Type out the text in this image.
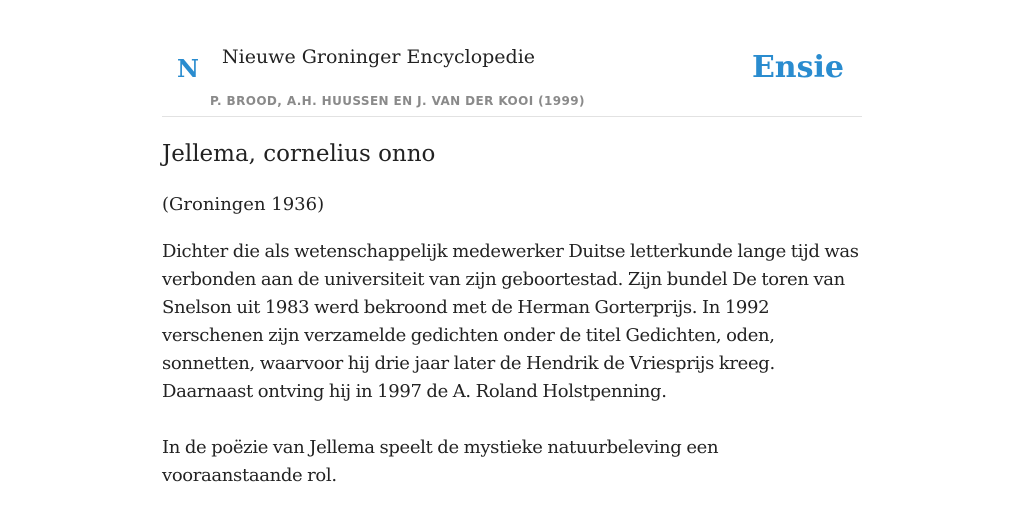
N Nieuwe Groninger Encyclopedie
P. BROOD, A.H. HUUSSEN EN J. VAN DER KOOI (1999)
Ensie
Jellema, cornelius onno

(Groningen 1936)

Dichter die als wetenschappelijk medewerker Duitse letterkunde lange tijd was verbonden aan de universiteit van zijn geboortestad. Zijn bundel De toren van Snelson uit 1983 werd bekroond met de Herman Gorterprijs. In 1992 verschenen zijn verzamelde gedichten onder de titel Gedichten, oden, sonnetten, waarvoor hij drie jaar later de Hendrik de Vriesprijs kreeg. Daarnaast ontving hij in 1997 de A. Roland Holstpenning.

In de poëzie van Jellema speelt de mystieke natuurbeleving een vooraanstaande rol.
